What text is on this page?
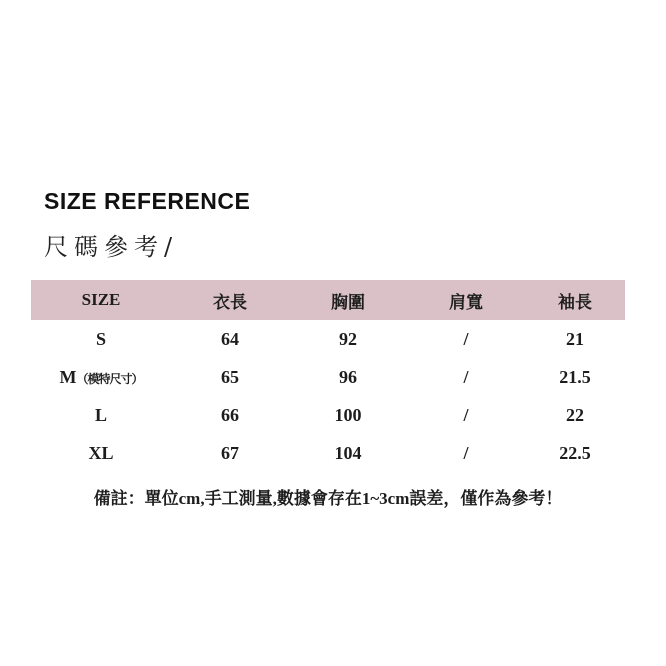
SIZE REFERENCE
尺碼參考/
SIZE	衣長	胸圍	肩寬	袖長
S	64	92	/	21
M（模特尺寸）	65	96	/	21.5
L	66	100	/	22
XL	67	104	/	22.5
備註：單位cm,手工測量,數據會存在1~3cm誤差，僅作為參考！
